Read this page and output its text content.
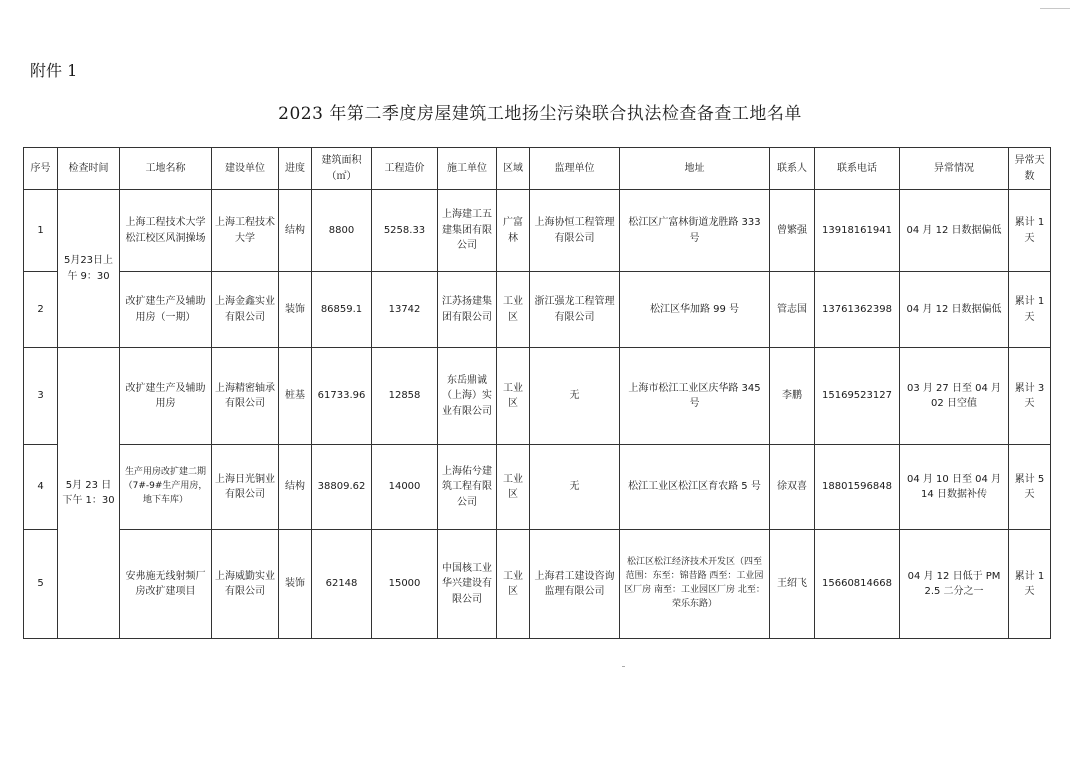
附件 1
2023 年第二季度房屋建筑工地扬尘污染联合执法检查备查工地名单
序号	检查时间	工地名称	建设单位	进度	建筑面积（㎡）	工程造价	施工单位	区域	监理单位	地址	联系人	联系电话	异常情况	异常天数
1	5月23日上午 9：30	上海工程技术大学松江校区风洞操场	上海工程技术大学	结构	8800	5258.33	上海建工五建集团有限公司	广富林	上海协恒工程管理有限公司	松江区广富林街道龙胜路 333 号	曾繁强	13918161941	04 月 12 日数据偏低	累计 1 天
2		改扩建生产及辅助用房（一期）	上海金鑫实业有限公司	装饰	86859.1	13742	江苏扬建集团有限公司	工业区	浙江强龙工程管理有限公司	松江区华加路 99 号	管志国	13761362398	04 月 12 日数据偏低	累计 1 天
3	5月 23 日下午 1：30	改扩建生产及辅助用房	上海精密轴承有限公司	桩基	61733.96	12858	东岳鼎诚（上海）实业有限公司	工业区	无	上海市松江工业区庆华路 345 号	李鹏	15169523127	03 月 27 日至 04 月 02 日空值	累计 3 天
4		生产用房改扩建二期（7#-9#生产用房，地下车库）	上海日光铜业有限公司	结构	38809.62	14000	上海佑兮建筑工程有限公司	工业区	无	松江工业区松江区育农路 5 号	徐双喜	18801596848	04 月 10 日至 04 月 14 日数据补传	累计 5 天
5		安弗施无线射频厂房改扩建项目	上海威勤实业有限公司	装饰	62148	15000	中国核工业华兴建设有限公司	工业区	上海君工建设咨询监理有限公司	松江区松江经济技术开发区（四至范围：东至：锦昔路 西至：工业园区厂房 南至：工业园区厂房 北至：荣乐东路）	王绍飞	15660814668	04 月 12 日低于 PM2.5 二分之一	累计 1 天
